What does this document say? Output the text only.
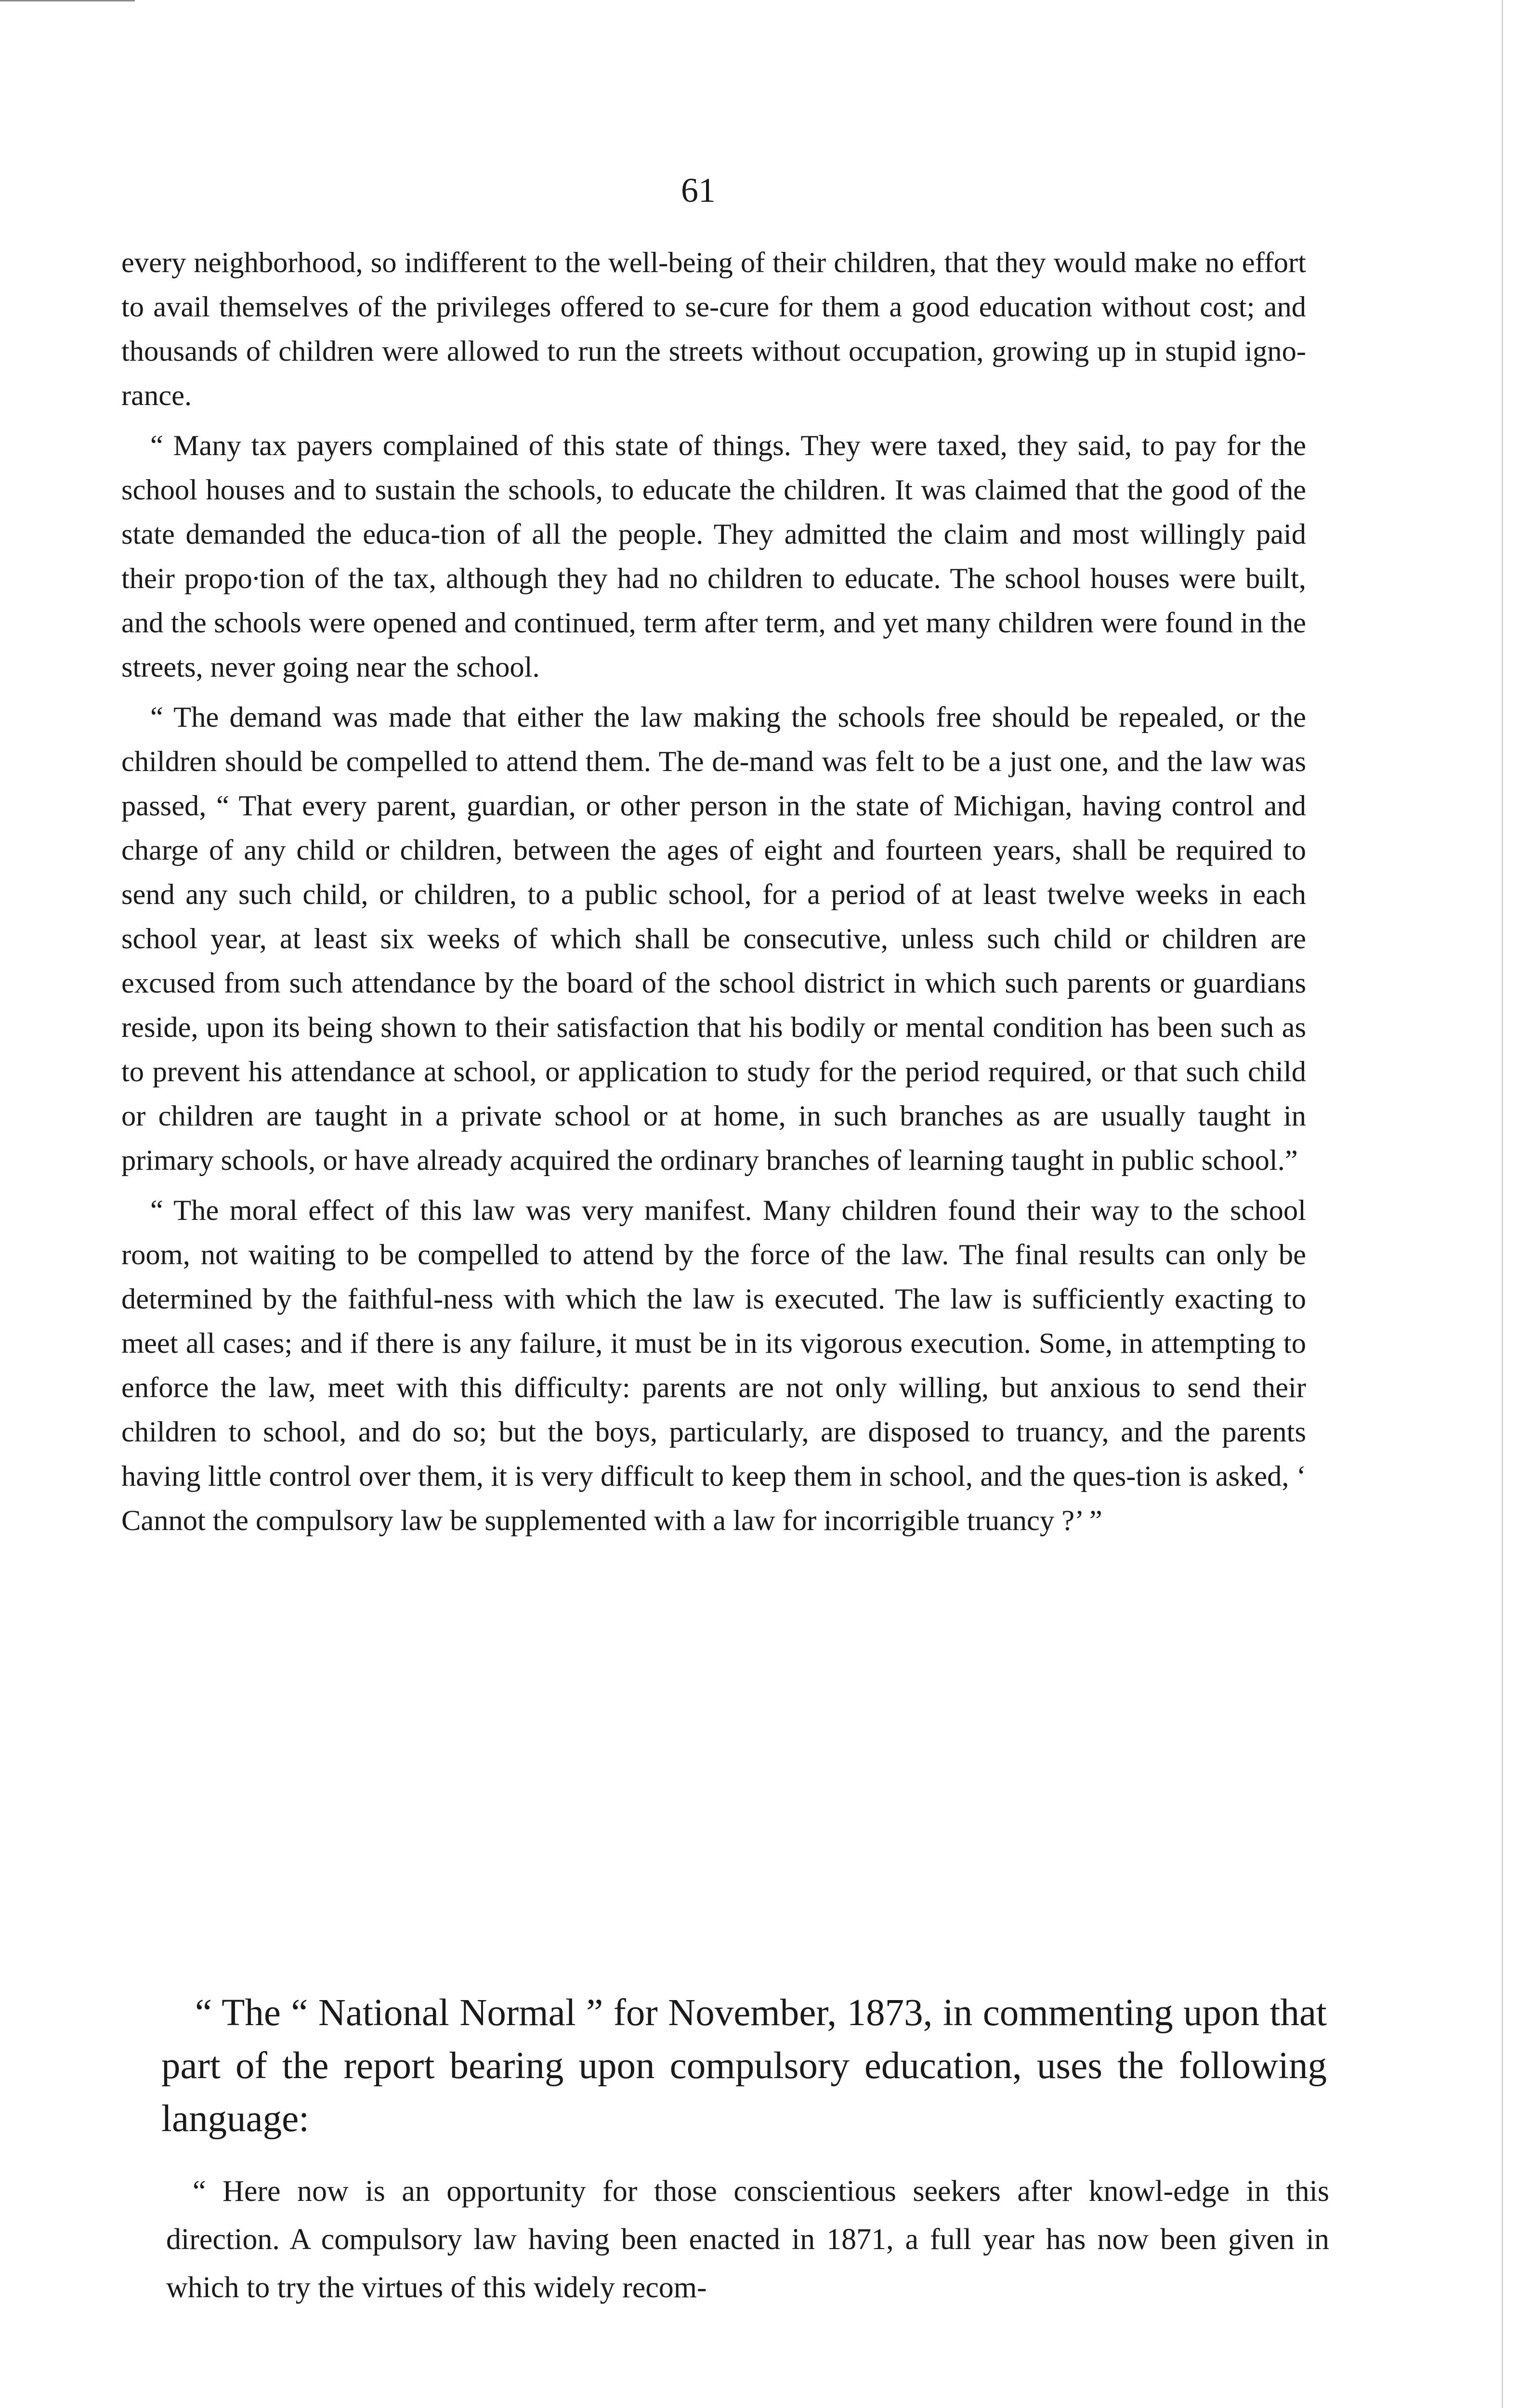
61

every neighborhood, so indifferent to the well-being of their children, that they would make no effort to avail themselves of the privileges offered to se-cure for them a good education without cost; and thousands of children were allowed to run the streets without occupation, growing up in stupid igno-rance.

“ Many tax payers complained of this state of things. They were taxed, they said, to pay for the school houses and to sustain the schools, to educate the children. It was claimed that the good of the state demanded the educa-tion of all the people. They admitted the claim and most willingly paid their propo∙tion of the tax, although they had no children to educate. The school houses were built, and the schools were opened and continued, term after term, and yet many children were found in the streets, never going near the school.

“ The demand was made that either the law making the schools free should be repealed, or the children should be compelled to attend them. The de-mand was felt to be a just one, and the law was passed, “ That every parent, guardian, or other person in the state of Michigan, having control and charge of any child or children, between the ages of eight and fourteen years, shall be required to send any such child, or children, to a public school, for a period of at least twelve weeks in each school year, at least six weeks of which shall be consecutive, unless such child or children are excused from such attendance by the board of the school district in which such parents or guardians reside, upon its being shown to their satisfaction that his bodily or mental condition has been such as to prevent his attendance at school, or application to study for the period required, or that such child or children are taught in a private school or at home, in such branches as are usually taught in primary schools, or have already acquired the ordinary branches of learning taught in public school.”

“ The moral effect of this law was very manifest. Many children found their way to the school room, not waiting to be compelled to attend by the force of the law. The final results can only be determined by the faithful-ness with which the law is executed. The law is sufficiently exacting to meet all cases; and if there is any failure, it must be in its vigorous execution. Some, in attempting to enforce the law, meet with this difficulty: parents are not only willing, but anxious to send their children to school, and do so; but the boys, particularly, are disposed to truancy, and the parents having little control over them, it is very difficult to keep them in school, and the ques-tion is asked, ‘ Cannot the compulsory law be supplemented with a law for incorrigible truancy ?’ ”

“ The “ National Normal ” for November, 1873, in commenting upon that part of the report bearing upon compulsory education, uses the following language:

“ Here now is an opportunity for those conscientious seekers after knowl-edge in this direction. A compulsory law having been enacted in 1871, a full year has now been given in which to try the virtues of this widely recom-
